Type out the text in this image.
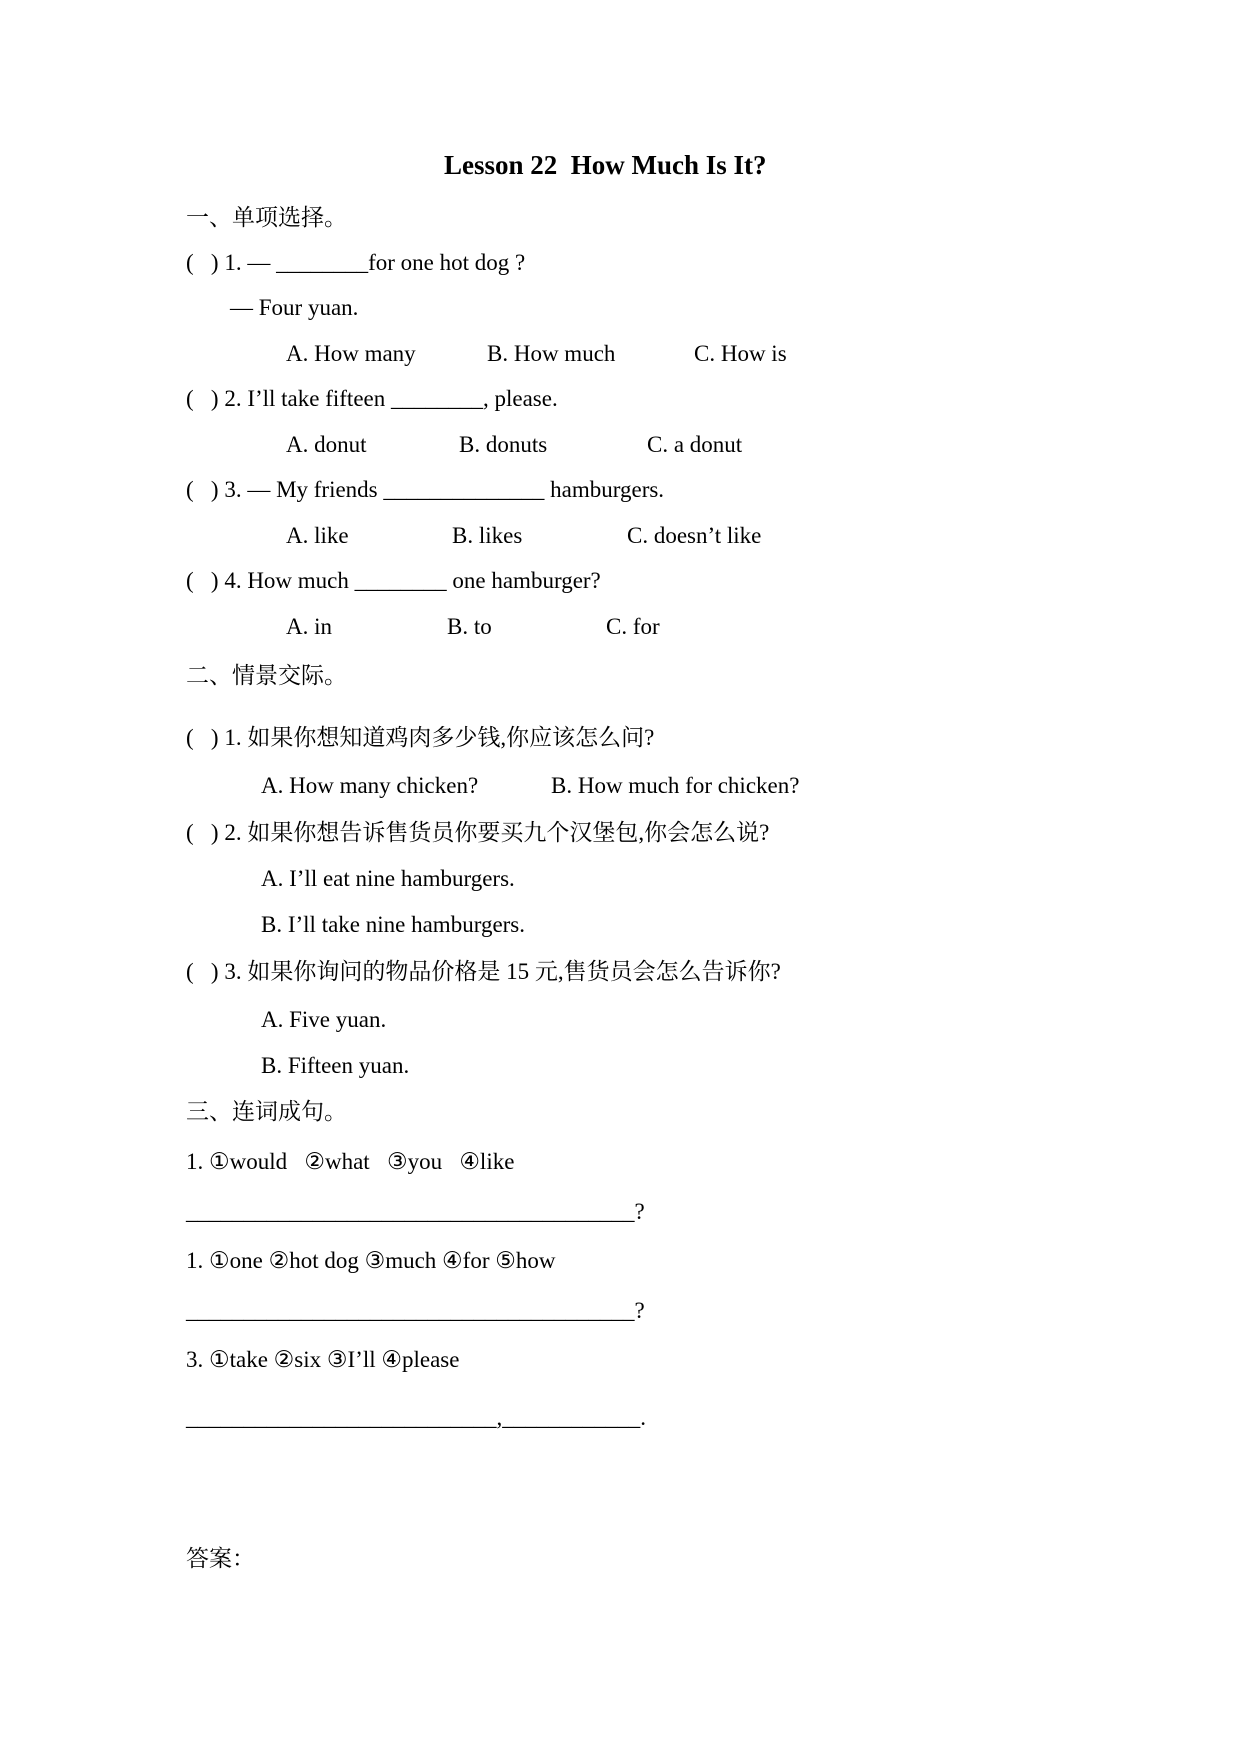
Lesson 22  How Much Is It?
一、单项选择。
(   ) 1. — ________for one hot dog ?
— Four yuan.
A. How many	B. How much	C. How is
(   ) 2. I’ll take fifteen ________, please.
A. donut	B. donuts	C. a donut
(   ) 3. — My friends ______________ hamburgers.
A. like	B. likes	C. doesn’t like
(   ) 4. How much ________ one hamburger?
A. in	B. to	C. for
二、情景交际。
(   ) 1. 如果你想知道鸡肉多少钱,你应该怎么问?
A. How many chicken?	B. How much for chicken?
(   ) 2. 如果你想告诉售货员你要买九个汉堡包,你会怎么说?
A. I’ll eat nine hamburgers.
B. I’ll take nine hamburgers.
(   ) 3. 如果你询问的物品价格是 15 元,售货员会怎么告诉你?
A. Five yuan.
B. Fifteen yuan.
三、连词成句。
1. ①would   ②what   ③you   ④like
_______________________________________?
1. ①one ②hot dog ③much ④for ⑤how
_______________________________________?
3. ①take ②six ③I’ll ④please
___________________________,____________.
答案：
